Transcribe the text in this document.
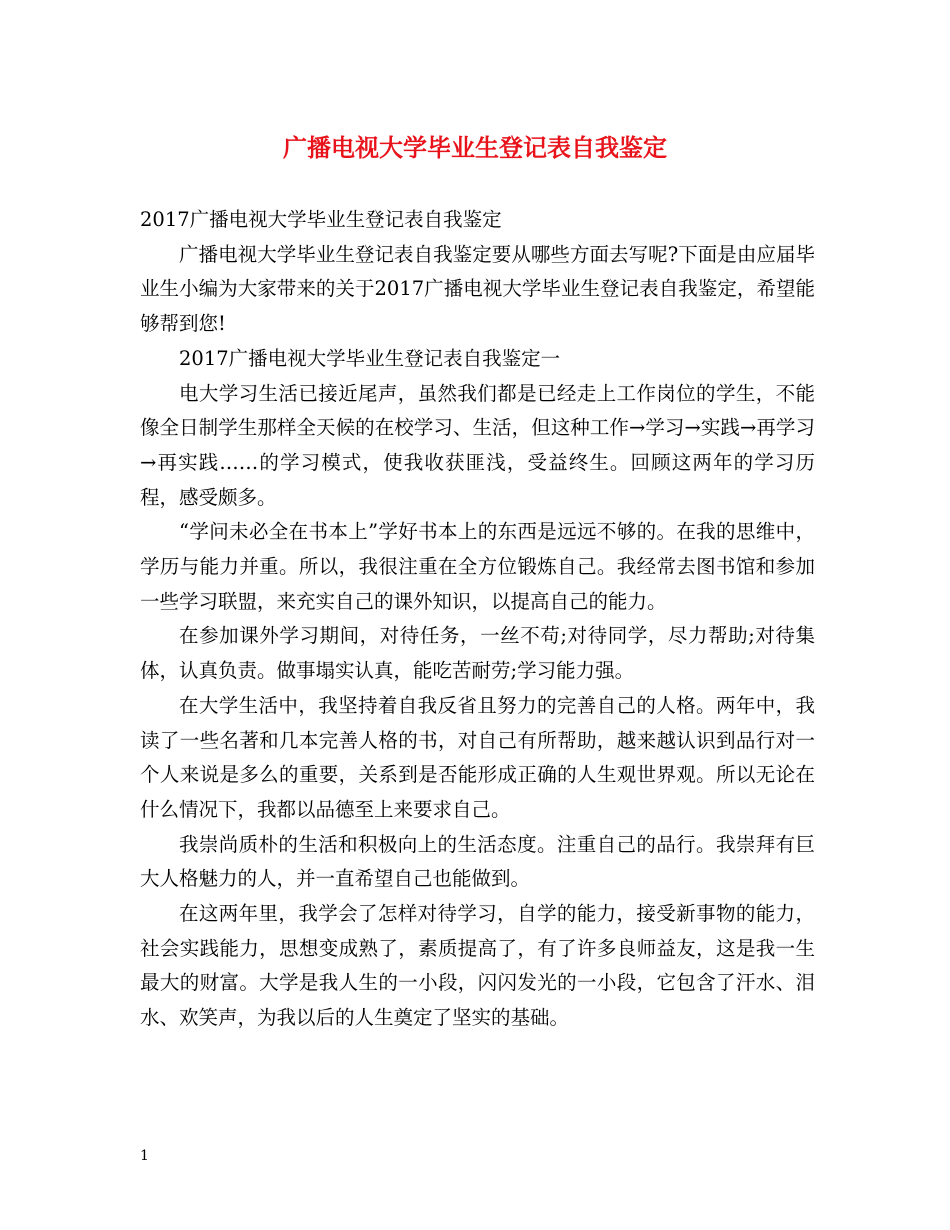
广播电视大学毕业生登记表自我鉴定

2017广播电视大学毕业生登记表自我鉴定

广播电视大学毕业生登记表自我鉴定要从哪些方面去写呢?下面是由应届毕业生小编为大家带来的关于2017广播电视大学毕业生登记表自我鉴定，希望能够帮到您!

2017广播电视大学毕业生登记表自我鉴定一

电大学习生活已接近尾声，虽然我们都是已经走上工作岗位的学生，不能像全日制学生那样全天候的在校学习、生活，但这种工作→学习→实践→再学习→再实践……的学习模式，使我收获匪浅，受益终生。回顾这两年的学习历程，感受颇多。

“学问未必全在书本上”学好书本上的东西是远远不够的。在我的思维中，学历与能力并重。所以，我很注重在全方位锻炼自己。我经常去图书馆和参加一些学习联盟，来充实自己的课外知识，以提高自己的能力。

在参加课外学习期间，对待任务，一丝不苟;对待同学，尽力帮助;对待集体，认真负责。做事塌实认真，能吃苦耐劳;学习能力强。

在大学生活中，我坚持着自我反省且努力的完善自己的人格。两年中，我读了一些名著和几本完善人格的书，对自己有所帮助，越来越认识到品行对一个人来说是多么的重要，关系到是否能形成正确的人生观世界观。所以无论在什么情况下，我都以品德至上来要求自己。

我崇尚质朴的生活和积极向上的生活态度。注重自己的品行。我崇拜有巨大人格魅力的人，并一直希望自己也能做到。

在这两年里，我学会了怎样对待学习，自学的能力，接受新事物的能力，社会实践能力，思想变成熟了，素质提高了，有了许多良师益友，这是我一生最大的财富。大学是我人生的一小段，闪闪发光的一小段，它包含了汗水、泪水、欢笑声，为我以后的人生奠定了坚实的基础。

1
